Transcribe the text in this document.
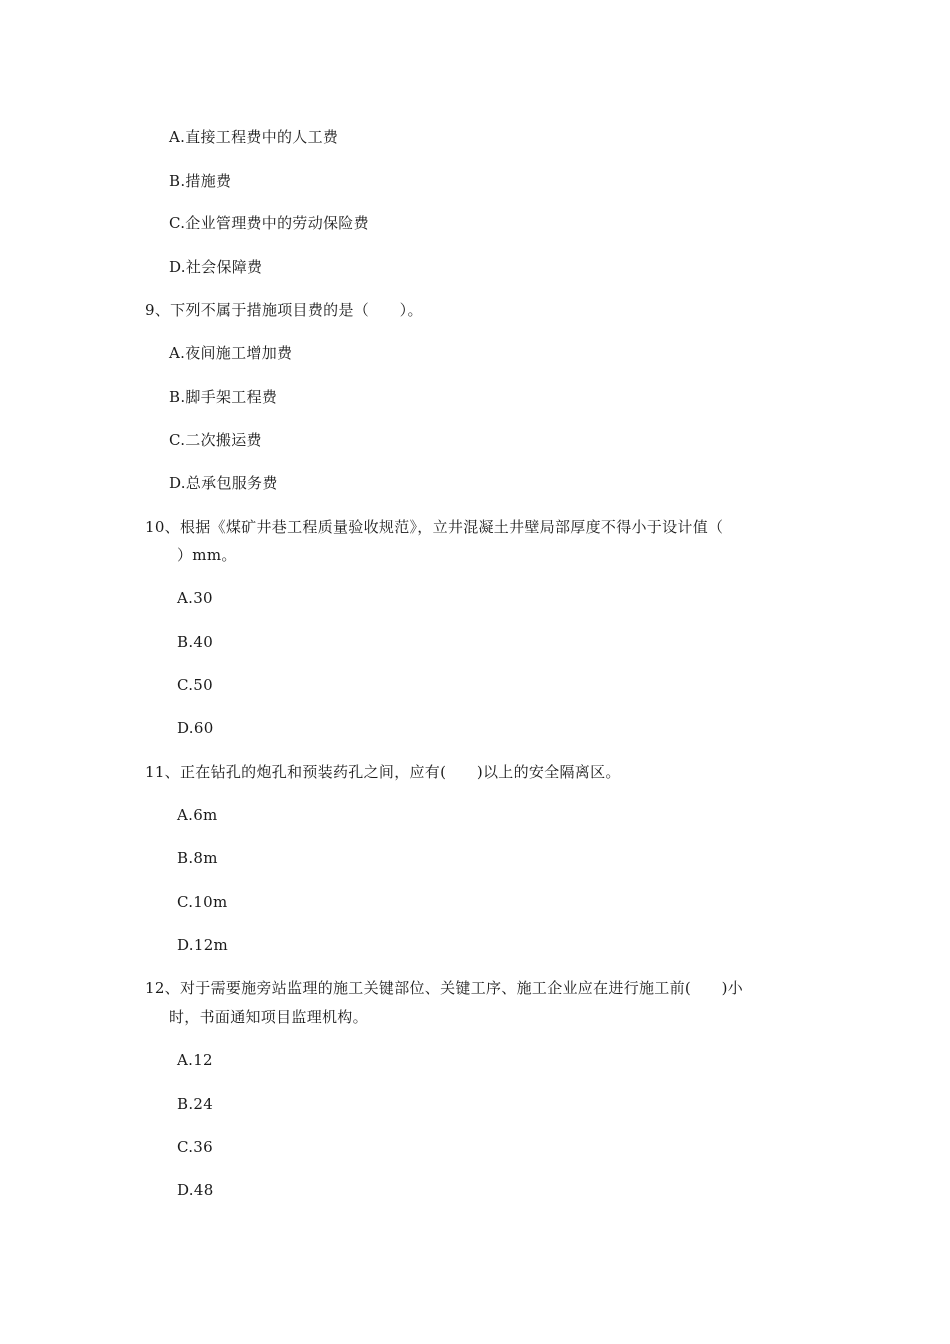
A.直接工程费中的人工费
B.措施费
C.企业管理费中的劳动保险费
D.社会保障费
9、下列不属于措施项目费的是（　　）。
A.夜间施工增加费
B.脚手架工程费
C.二次搬运费
D.总承包服务费
10、根据《煤矿井巷工程质量验收规范》，立井混凝土井壁局部厚度不得小于设计值（
）mm。
A.30
B.40
C.50
D.60
11、正在钻孔的炮孔和预装药孔之间，应有(　　)以上的安全隔离区。
A.6m
B.8m
C.10m
D.12m
12、对于需要施旁站监理的施工关键部位、关键工序、施工企业应在进行施工前(　　)小
时，书面通知项目监理机构。
A.12
B.24
C.36
D.48
